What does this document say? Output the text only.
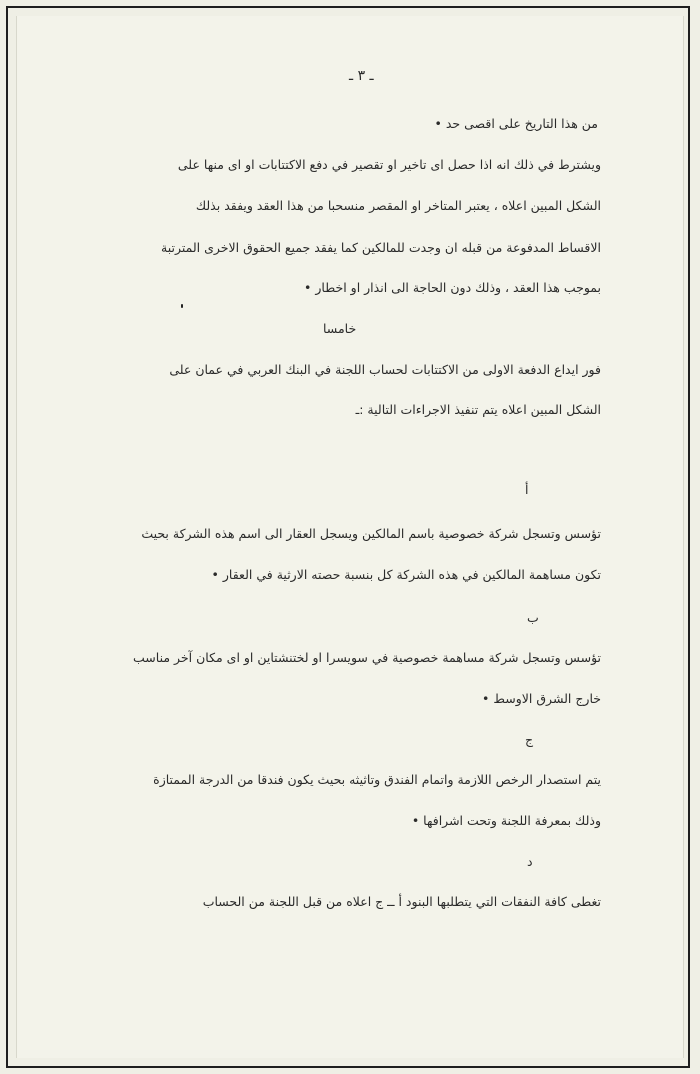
ـ ٣ ـ
من هذا التاريخ على اقصى حد •
ويشترط في ذلك انه اذا حصل اى تاخير او تقصير في دفع الاكتتابات او اى منها على
الشكل المبين اعلاه ، يعتبر المتاخر او المقصر منسحبا من هذا العقد ويفقد بذلك
الاقساط المدفوعة من قبله ان وجدت للمالكين كما يفقد جميع الحقوق الاخرى المترتبة
بموجب هذا العقد ، وذلك دون الحاجة الى انذار او اخطار •
خامسا
فور ايداع الدفعة الاولى من الاكتتابات لحساب اللجنة في البنك العربي في عمان على
الشكل المبين اعلاه يتم تنفيذ الاجراءات التالية :ـ
أ
تؤسس وتسجل شركة خصوصية باسم المالكين ويسجل العقار الى اسم هذه الشركة بحيث
تكون مساهمة المالكين في هذه الشركة كل بنسبة حصته الارثية في العقار •
ب
تؤسس وتسجل شركة مساهمة خصوصية في سويسرا او لختنشتاين او اى مكان آخر مناسب
خارج الشرق الاوسط •
ج
يتم استصدار الرخص اللازمة واتمام الفندق وتاثيثه بحيث يكون فندقا من الدرجة الممتازة
وذلك بمعرفة اللجنة وتحت اشرافها •
د
تغطى كافة النفقات التي يتطلبها البنود أ ــ ج اعلاه من قبل اللجنة من الحساب
